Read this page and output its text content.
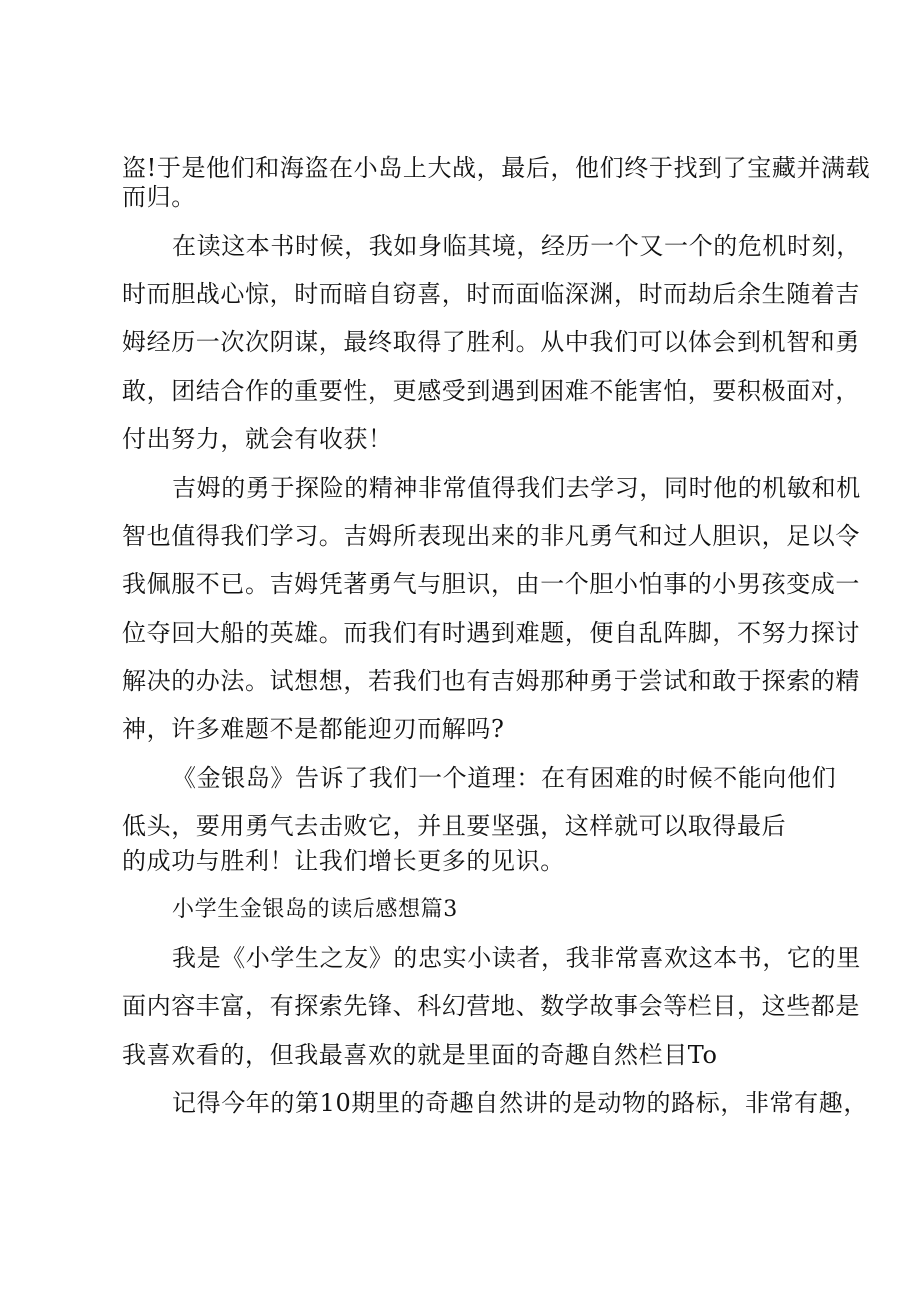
盗!于是他们和海盗在小岛上大战，最后，他们终于找到了宝藏并满载
而归。
在读这本书时候，我如身临其境，经历一个又一个的危机时刻，
时而胆战心惊，时而暗自窃喜，时而面临深渊，时而劫后余生随着吉
姆经历一次次阴谋，最终取得了胜利。从中我们可以体会到机智和勇
敢，团结合作的重要性，更感受到遇到困难不能害怕，要积极面对，
付出努力，就会有收获！
吉姆的勇于探险的精神非常值得我们去学习，同时他的机敏和机
智也值得我们学习。吉姆所表现出来的非凡勇气和过人胆识，足以令
我佩服不已。吉姆凭著勇气与胆识，由一个胆小怕事的小男孩变成一
位夺回大船的英雄。而我们有时遇到难题，便自乱阵脚，不努力探讨
解决的办法。试想想，若我们也有吉姆那种勇于尝试和敢于探索的精
神，许多难题不是都能迎刃而解吗?
《金银岛》告诉了我们一个道理：在有困难的时候不能向他们
低头，要用勇气去击败它，并且要坚强，这样就可以取得最后
的成功与胜利！让我们增长更多的见识。
小学生金银岛的读后感想篇3
我是《小学生之友》的忠实小读者，我非常喜欢这本书，它的里
面内容丰富，有探索先锋、科幻营地、数学故事会等栏目，这些都是
我喜欢看的，但我最喜欢的就是里面的奇趣自然栏目To
记得今年的第10期里的奇趣自然讲的是动物的路标，非常有趣，
